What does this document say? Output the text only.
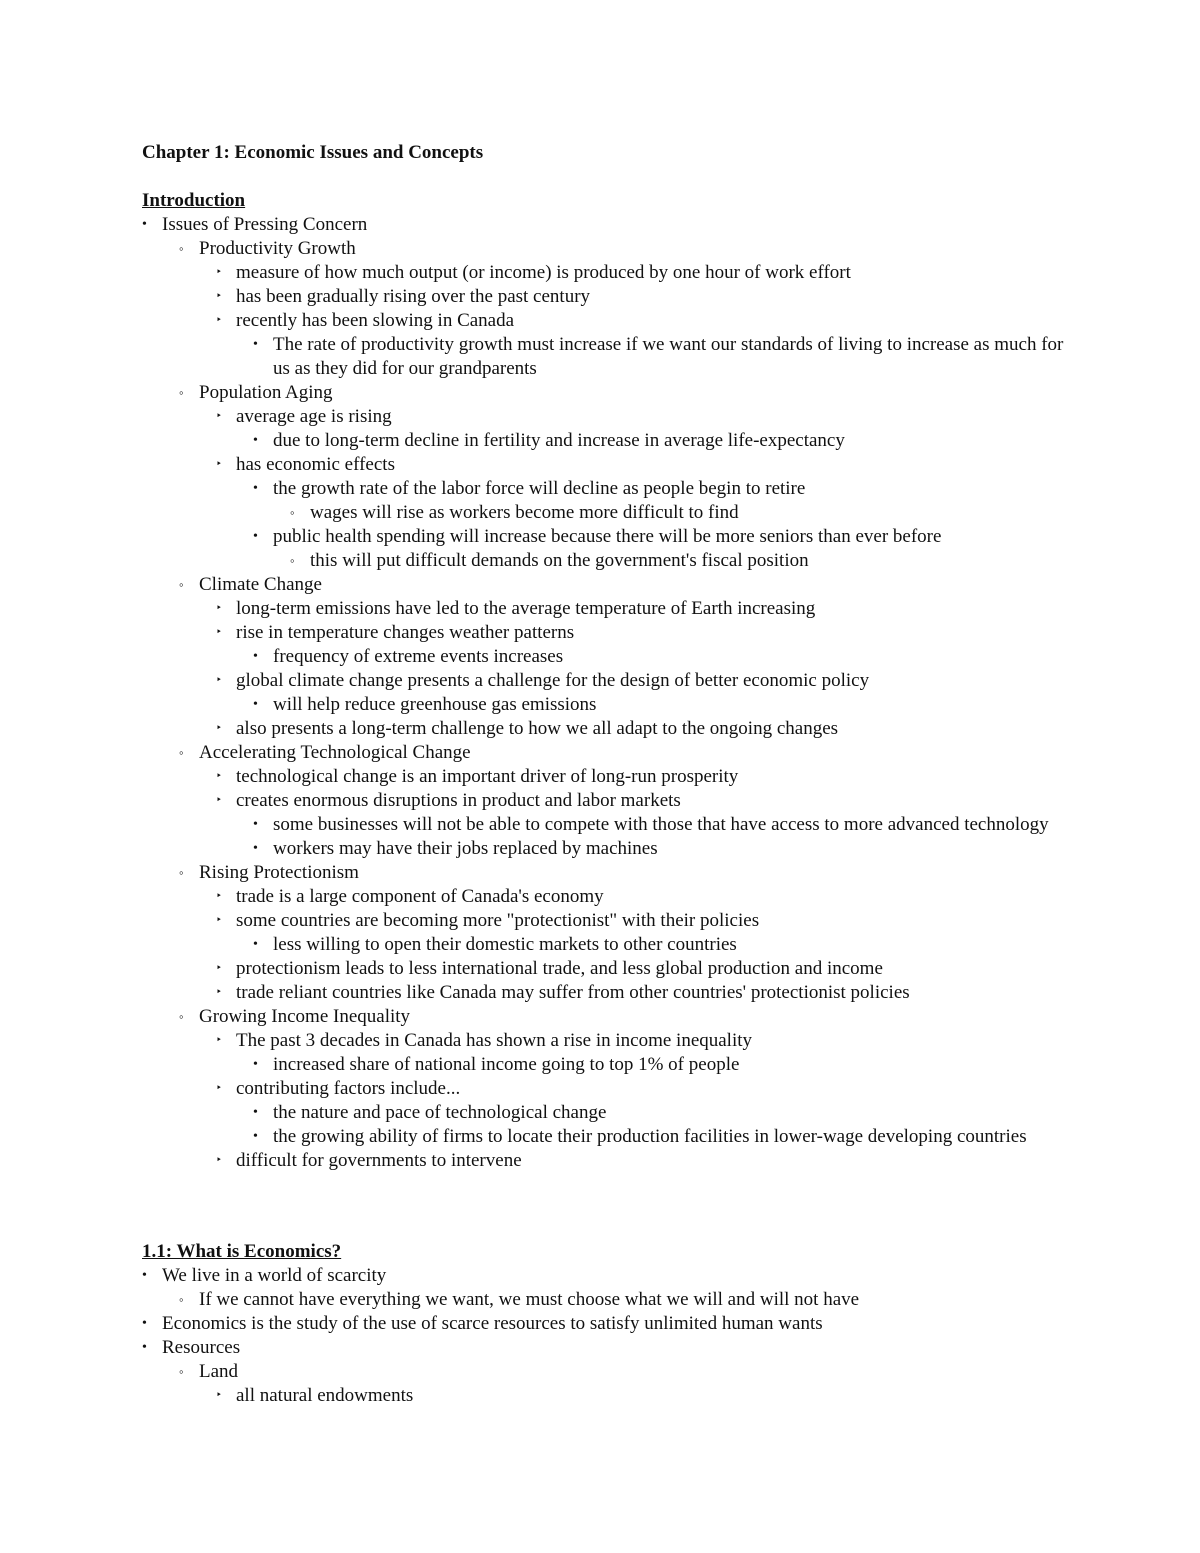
Chapter 1: Economic Issues and Concepts
Introduction
• Issues of Pressing Concern
◦ Productivity Growth
‣ measure of how much output (or income) is produced by one hour of work effort
‣ has been gradually rising over the past century
‣ recently has been slowing in Canada
• The rate of productivity growth must increase if we want our standards of living to increase as much for us as they did for our grandparents
◦ Population Aging
‣ average age is rising
• due to long-term decline in fertility and increase in average life-expectancy
‣ has economic effects
• the growth rate of the labor force will decline as people begin to retire
◦ wages will rise as workers become more difficult to find
• public health spending will increase because there will be more seniors than ever before
◦ this will put difficult demands on the government's fiscal position
◦ Climate Change
‣ long-term emissions have led to the average temperature of Earth increasing
‣ rise in temperature changes weather patterns
• frequency of extreme events increases
‣ global climate change presents a challenge for the design of better economic policy
• will help reduce greenhouse gas emissions
‣ also presents a long-term challenge to how we all adapt to the ongoing changes
◦ Accelerating Technological Change
‣ technological change is an important driver of long-run prosperity
‣ creates enormous disruptions in product and labor markets
• some businesses will not be able to compete with those that have access to more advanced technology
• workers may have their jobs replaced by machines
◦ Rising Protectionism
‣ trade is a large component of Canada's economy
‣ some countries are becoming more "protectionist" with their policies
• less willing to open their domestic markets to other countries
‣ protectionism leads to less international trade, and less global production and income
‣ trade reliant countries like Canada may suffer from other countries' protectionist policies
◦ Growing Income Inequality
‣ The past 3 decades in Canada has shown a rise in income inequality
• increased share of national income going to top 1% of people
‣ contributing factors include...
• the nature and pace of technological change
• the growing ability of firms to locate their production facilities in lower-wage developing countries
‣ difficult for governments to intervene
1.1: What is Economics?
• We live in a world of scarcity
◦ If we cannot have everything we want, we must choose what we will and will not have
• Economics is the study of the use of scarce resources to satisfy unlimited human wants
• Resources
◦ Land
‣ all natural endowments
